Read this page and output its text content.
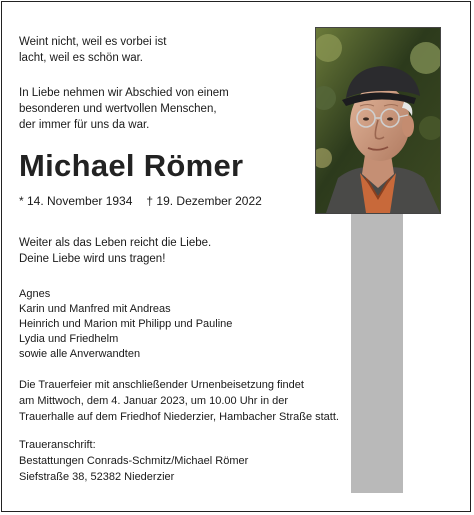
Weint nicht, weil es vorbei ist
lacht, weil es schön war.
In Liebe nehmen wir Abschied von einem
besonderen und wertvollen Menschen,
der immer für uns da war.
Michael Römer
* 14. November 1934 † 19. Dezember 2022
Weiter als das Leben reicht die Liebe.
Deine Liebe wird uns tragen!
Agnes
Karin und Manfred mit Andreas
Heinrich und Marion mit Philipp und Pauline
Lydia und Friedhelm
sowie alle Anverwandten
Die Trauerfeier mit anschließender Urnenbeisetzung findet
am Mittwoch, dem 4. Januar 2023, um 10.00 Uhr in der
Trauerhalle auf dem Friedhof Niederzier, Hambacher Straße statt.
Traueranschrift:
Bestattungen Conrads-Schmitz/Michael Römer
Siefstraße 38, 52382 Niederzier
